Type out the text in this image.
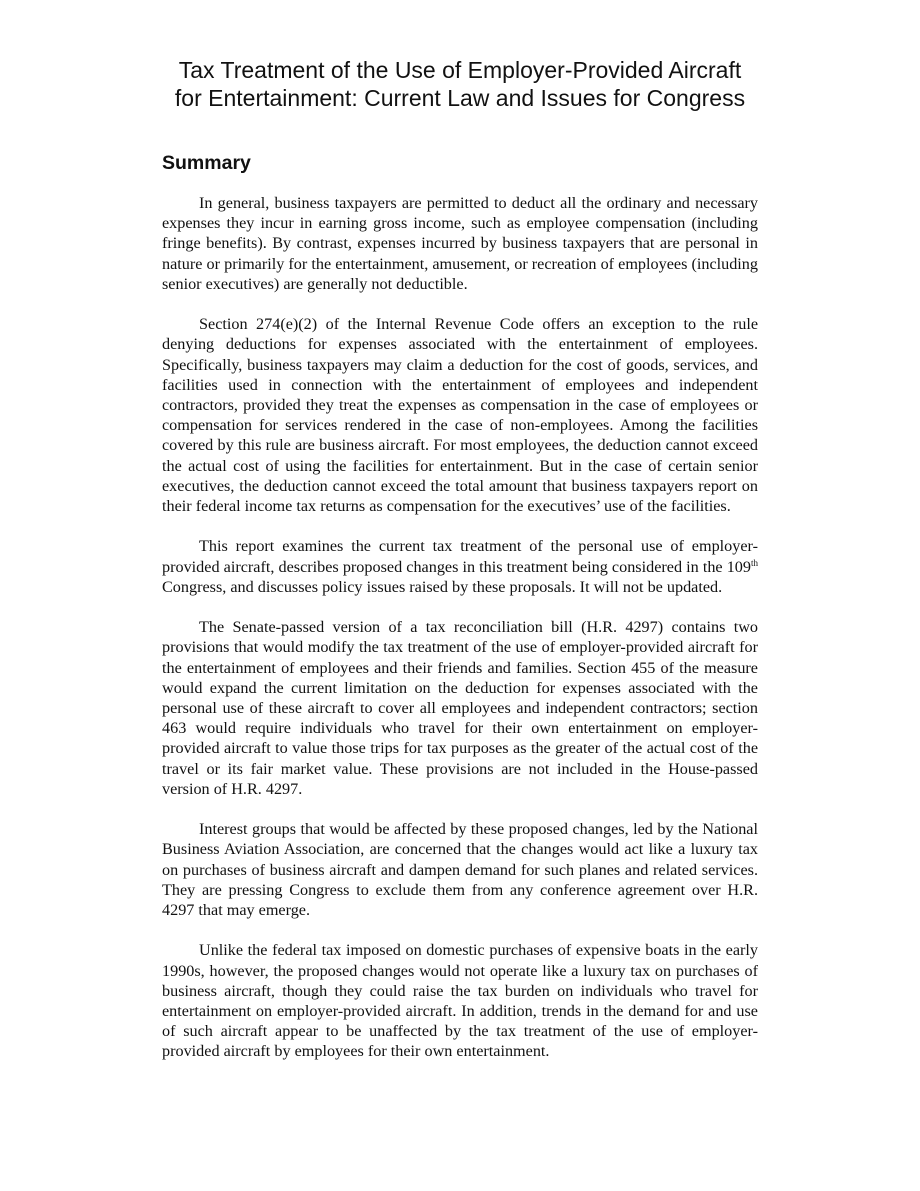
Tax Treatment of the Use of Employer-Provided Aircraft
for Entertainment: Current Law and Issues for Congress
Summary

In general, business taxpayers are permitted to deduct all the ordinary and necessary expenses they incur in earning gross income, such as employee compensation (including fringe benefits). By contrast, expenses incurred by business taxpayers that are personal in nature or primarily for the entertainment, amusement, or recreation of employees (including senior executives) are generally not deductible.

Section 274(e)(2) of the Internal Revenue Code offers an exception to the rule denying deductions for expenses associated with the entertainment of employees. Specifically, business taxpayers may claim a deduction for the cost of goods, services, and facilities used in connection with the entertainment of employees and independent contractors, provided they treat the expenses as compensation in the case of employees or compensation for services rendered in the case of non-employees. Among the facilities covered by this rule are business aircraft. For most employees, the deduction cannot exceed the actual cost of using the facilities for entertainment. But in the case of certain senior executives, the deduction cannot exceed the total amount that business taxpayers report on their federal income tax returns as compensation for the executives’ use of the facilities.

This report examines the current tax treatment of the personal use of employer-provided aircraft, describes proposed changes in this treatment being considered in the 109th Congress, and discusses policy issues raised by these proposals. It will not be updated.

The Senate-passed version of a tax reconciliation bill (H.R. 4297) contains two provisions that would modify the tax treatment of the use of employer-provided aircraft for the entertainment of employees and their friends and families. Section 455 of the measure would expand the current limitation on the deduction for expenses associated with the personal use of these aircraft to cover all employees and independent contractors; section 463 would require individuals who travel for their own entertainment on employer-provided aircraft to value those trips for tax purposes as the greater of the actual cost of the travel or its fair market value. These provisions are not included in the House-passed version of H.R. 4297.

Interest groups that would be affected by these proposed changes, led by the National Business Aviation Association, are concerned that the changes would act like a luxury tax on purchases of business aircraft and dampen demand for such planes and related services. They are pressing Congress to exclude them from any conference agreement over H.R. 4297 that may emerge.

Unlike the federal tax imposed on domestic purchases of expensive boats in the early 1990s, however, the proposed changes would not operate like a luxury tax on purchases of business aircraft, though they could raise the tax burden on individuals who travel for entertainment on employer-provided aircraft. In addition, trends in the demand for and use of such aircraft appear to be unaffected by the tax treatment of the use of employer-provided aircraft by employees for their own entertainment.
